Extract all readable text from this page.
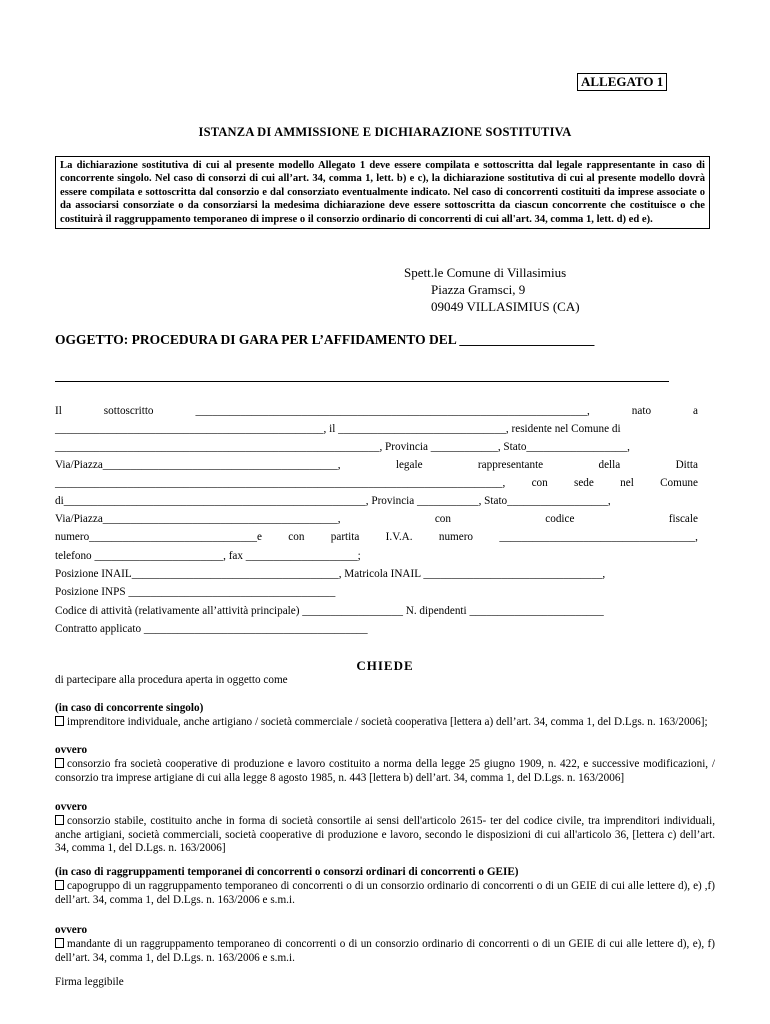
ALLEGATO 1
ISTANZA DI AMMISSIONE E DICHIARAZIONE SOSTITUTIVA
La dichiarazione sostitutiva di cui al presente modello Allegato 1 deve essere compilata e sottoscritta dal legale rappresentante in caso di concorrente singolo. Nel caso di consorzi di cui all’art. 34, comma 1, lett. b) e c), la dichiarazione sostitutiva di cui al presente modello dovrà essere compilata e sottoscritta dal consorzio e dal consorziato eventualmente indicato. Nel caso di concorrenti costituiti da imprese associate o da associarsi consorziate o da consorziarsi la medesima dichiarazione deve essere sottoscritta da ciascun concorrente che costituisce o che costituirà il raggruppamento temporaneo di imprese o il consorzio ordinario di concorrenti di cui all'art. 34, comma 1, lett. d) ed e).
Spett.le Comune di Villasimius
Piazza Gramsci, 9
09049 VILLASIMIUS (CA)
OGGETTO: PROCEDURA DI GARA PER L’AFFIDAMENTO DEL ____________________
Il	sottoscritto	______________________________________________________________________,	nato	a
________________________________________________, il ______________________________, residente nel Comune di
__________________________________________________________, Provincia ____________, Stato__________________,
Via/Piazza__________________________________________,	legale	rappresentante	della	Ditta
________________________________________________________________________________, con sede nel Comune
di______________________________________________________, Provincia ___________, Stato__________________,
Via/Piazza__________________________________________,	con	codice	fiscale
numero______________________________e con partita I.V.A. numero ___________________________________,
telefono _______________________, fax ____________________;
Posizione INAIL_____________________________________, Matricola INAIL ________________________________,
Posizione INPS _____________________________________
Codice di attività (relativamente all’attività principale) __________________ N. dipendenti ________________________
Contratto applicato ________________________________________
CHIEDE
di partecipare alla procedura aperta in oggetto come
(in caso di concorrente singolo)
imprenditore individuale, anche artigiano / società commerciale / società cooperativa [lettera a) dell’art. 34, comma 1, del D.Lgs. n. 163/2006];
ovvero
consorzio fra società cooperative di produzione e lavoro costituito a norma della legge 25 giugno 1909, n. 422, e successive modificazioni, / consorzio tra imprese artigiane di cui alla legge 8 agosto 1985, n. 443 [lettera b) dell’art. 34, comma 1, del D.Lgs. n. 163/2006]
ovvero
consorzio stabile, costituito anche in forma di società consortile ai sensi dell'articolo 2615- ter del codice civile, tra imprenditori individuali, anche artigiani, società commerciali, società cooperative di produzione e lavoro, secondo le disposizioni di cui all'articolo 36, [lettera c) dell’art. 34, comma 1, del D.Lgs. n. 163/2006]
(in caso di raggruppamenti temporanei di concorrenti o consorzi ordinari di concorrenti o GEIE)
capogruppo di un raggruppamento temporaneo di concorrenti o di un consorzio ordinario di concorrenti o di un GEIE di cui alle lettere d), e) ,f) dell’art. 34, comma 1, del D.Lgs. n. 163/2006 e s.m.i.
ovvero
mandante di un raggruppamento temporaneo di concorrenti o di un consorzio ordinario di concorrenti o di un GEIE di cui alle lettere d), e), f) dell’art. 34, comma 1, del D.Lgs. n. 163/2006 e s.m.i.
Firma leggibile
